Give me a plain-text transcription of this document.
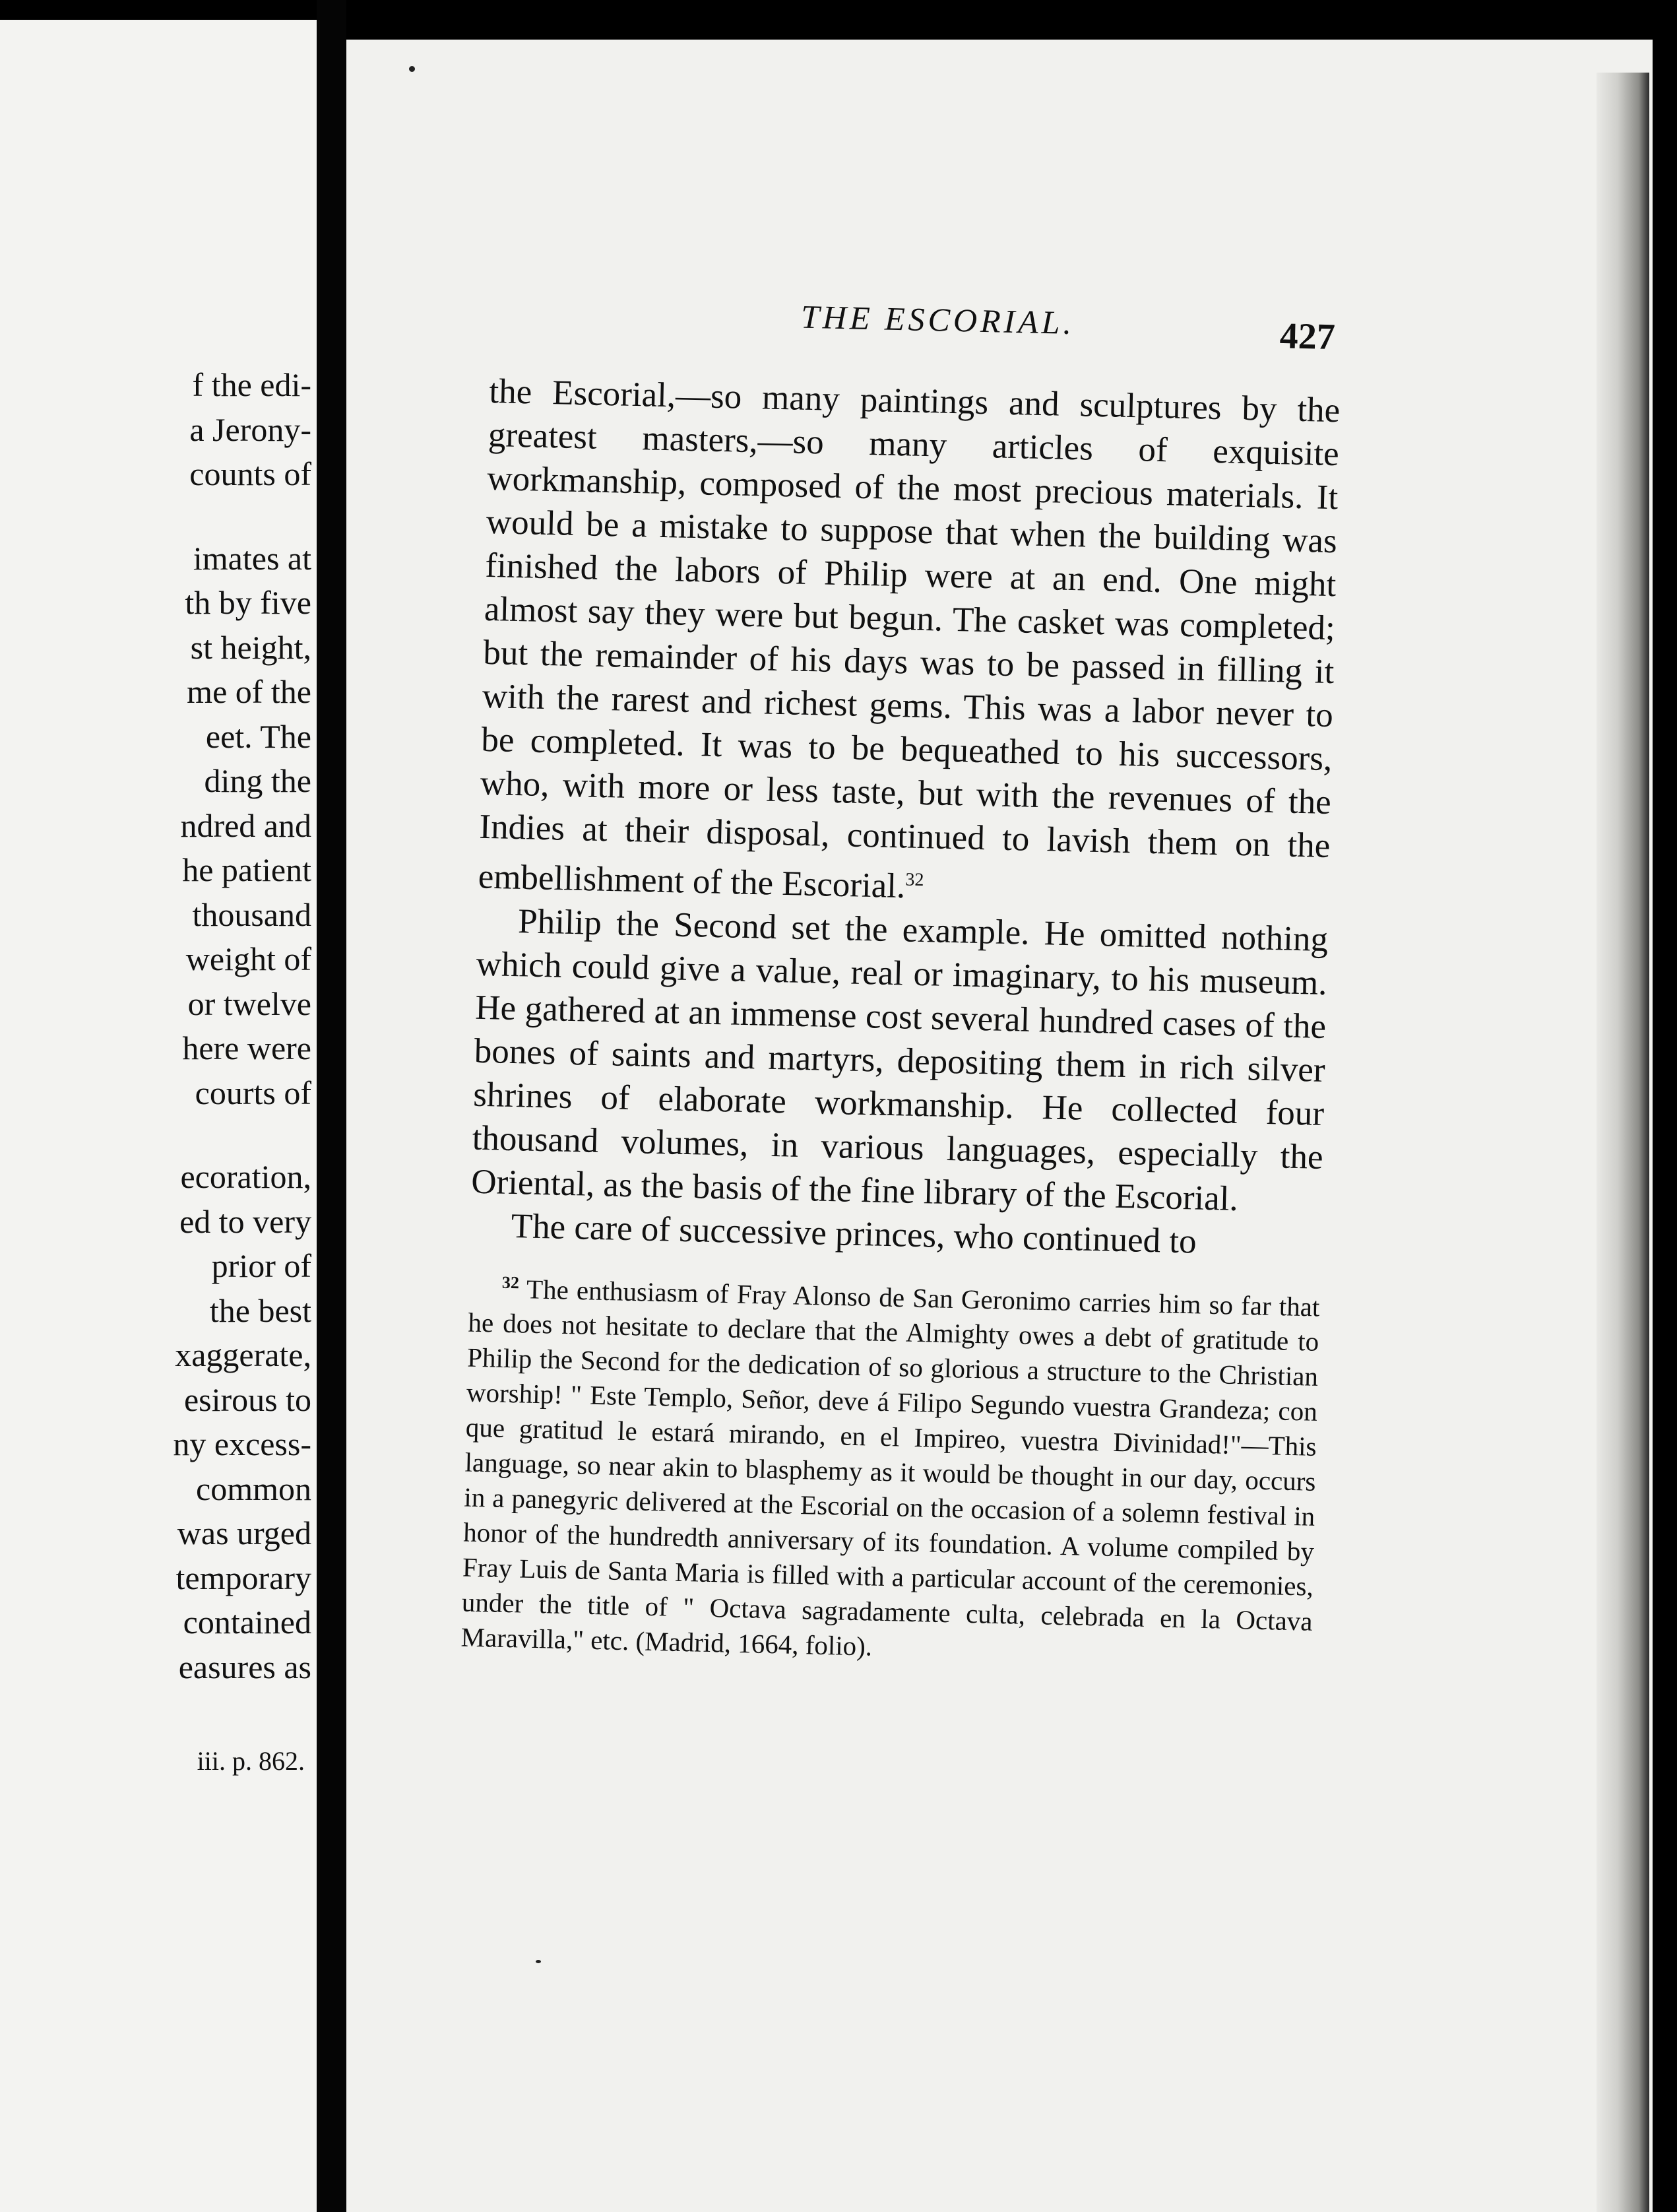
f the edi-
a Jerony-
counts of
imates at
th by five
st height,
me of the
eet. The
ding the
ndred and
he patient
thousand
weight of
or twelve
here were
courts of
ecoration,
ed to very
prior of
the best
xaggerate,
esirous to
ny excess-
common
was urged
temporary
contained
easures as
iii. p. 862.
THE ESCORIAL.	427

the Escorial,—so many paintings and sculptures by the greatest masters,—so many articles of exquisite workmanship, composed of the most precious materials. It would be a mistake to suppose that when the building was finished the labors of Philip were at an end. One might almost say they were but begun. The casket was completed; but the remainder of his days was to be passed in filling it with the rarest and richest gems. This was a labor never to be completed. It was to be bequeathed to his successors, who, with more or less taste, but with the revenues of the Indies at their disposal, continued to lavish them on the embellishment of the Escorial.$^{32}$

Philip the Second set the example. He omitted nothing which could give a value, real or imaginary, to his museum. He gathered at an immense cost several hundred cases of the bones of saints and martyrs, depositing them in rich silver shrines of elaborate workmanship. He collected four thousand volumes, in various languages, especially the Oriental, as the basis of the fine library of the Escorial.

The care of successive princes, who continued to

$^{32}$ The enthusiasm of Fray Alonso de San Geronimo carries him so far that he does not hesitate to declare that the Almighty owes a debt of gratitude to Philip the Second for the dedication of so glorious a structure to the Christian worship! " Este Templo, Señor, deve á Filipo Segundo vuestra Grandeza; con que gratitud le estará mirando, en el Impireo, vuestra Divinidad!"—This language, so near akin to blasphemy as it would be thought in our day, occurs in a panegyric delivered at the Escorial on the occasion of a solemn festival in honor of the hundredth anniversary of its foundation. A volume compiled by Fray Luis de Santa Maria is filled with a particular account of the ceremonies, under the title of " Octava sagradamente culta, celebrada en la Octava Maravilla," etc. (Madrid, 1664, folio).
